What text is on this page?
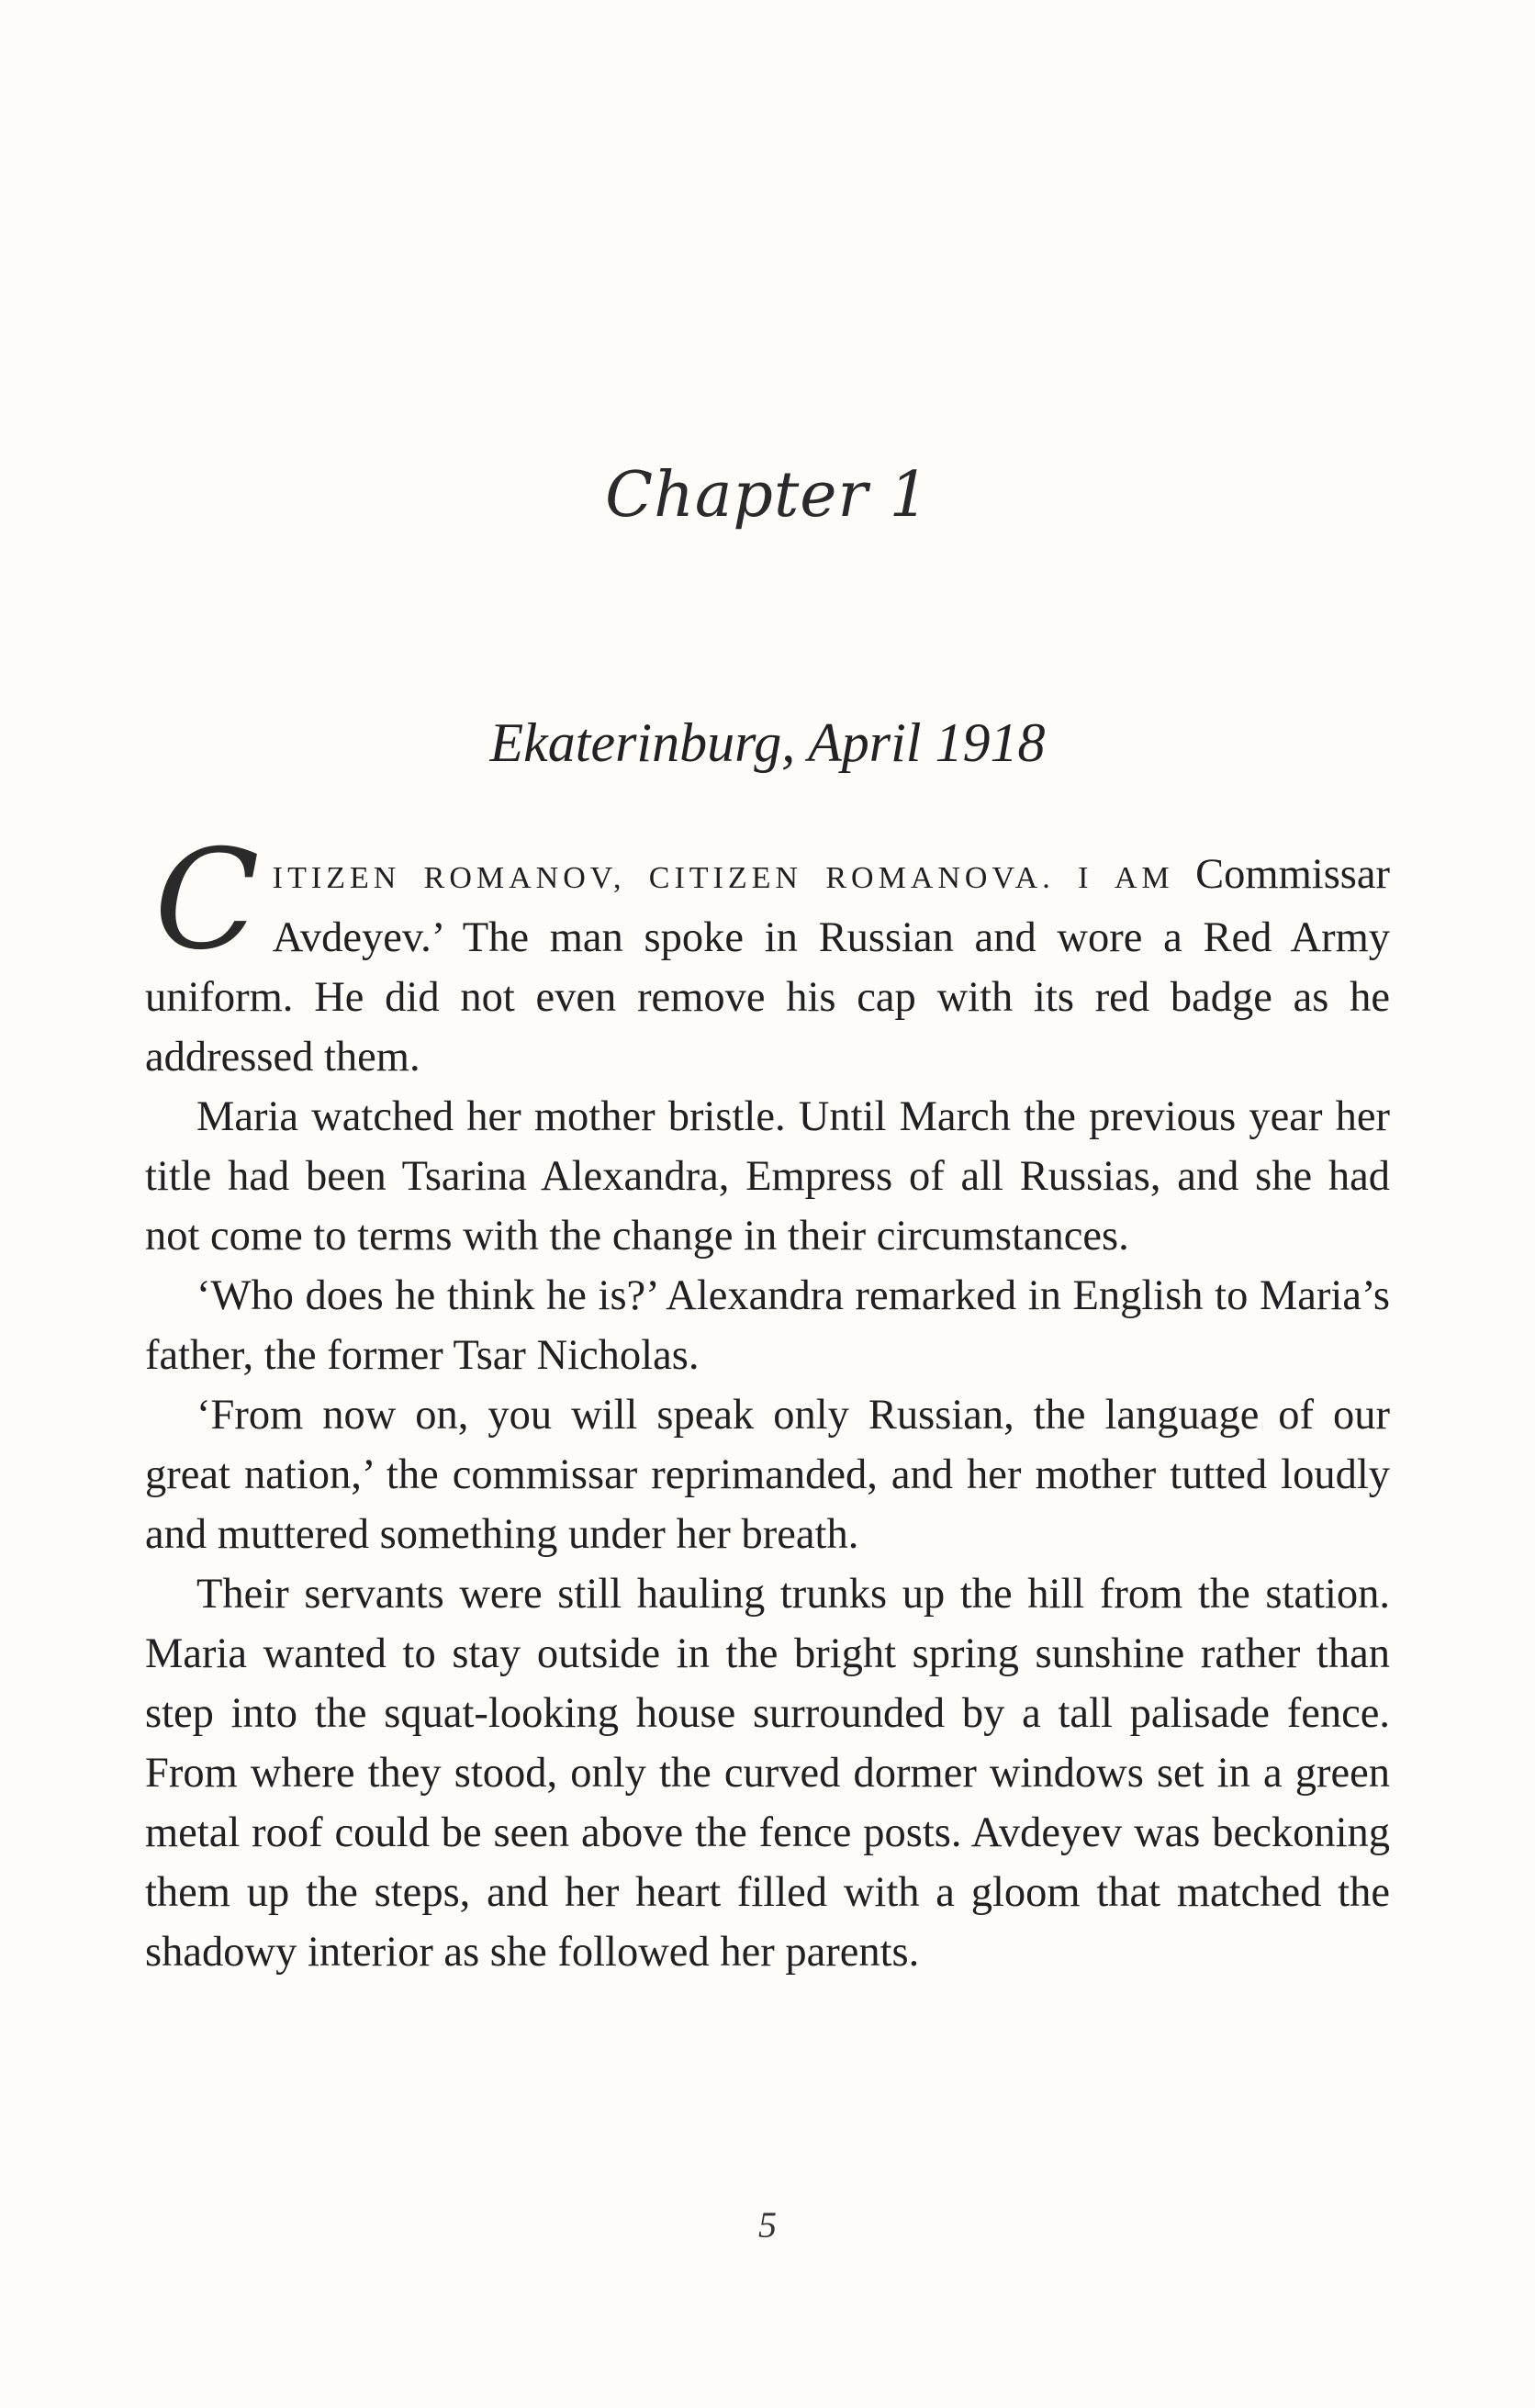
Chapter 1
Ekaterinburg, April 1918

CITIZEN ROMANOV, CITIZEN ROMANOVA. I AM Commissar Avdeyev.’ The man spoke in Russian and wore a Red Army uniform. He did not even remove his cap with its red badge as he addressed them.

Maria watched her mother bristle. Until March the previous year her title had been Tsarina Alexandra, Empress of all Russias, and she had not come to terms with the change in their circumstances.

‘Who does he think he is?’ Alexandra remarked in English to Maria’s father, the former Tsar Nicholas.

‘From now on, you will speak only Russian, the language of our great nation,’ the commissar reprimanded, and her mother tutted loudly and muttered something under her breath.

Their servants were still hauling trunks up the hill from the station. Maria wanted to stay outside in the bright spring sunshine rather than step into the squat-looking house surrounded by a tall palisade fence. From where they stood, only the curved dormer windows set in a green metal roof could be seen above the fence posts. Avdeyev was beckoning them up the steps, and her heart filled with a gloom that matched the shadowy interior as she followed her parents.

5
